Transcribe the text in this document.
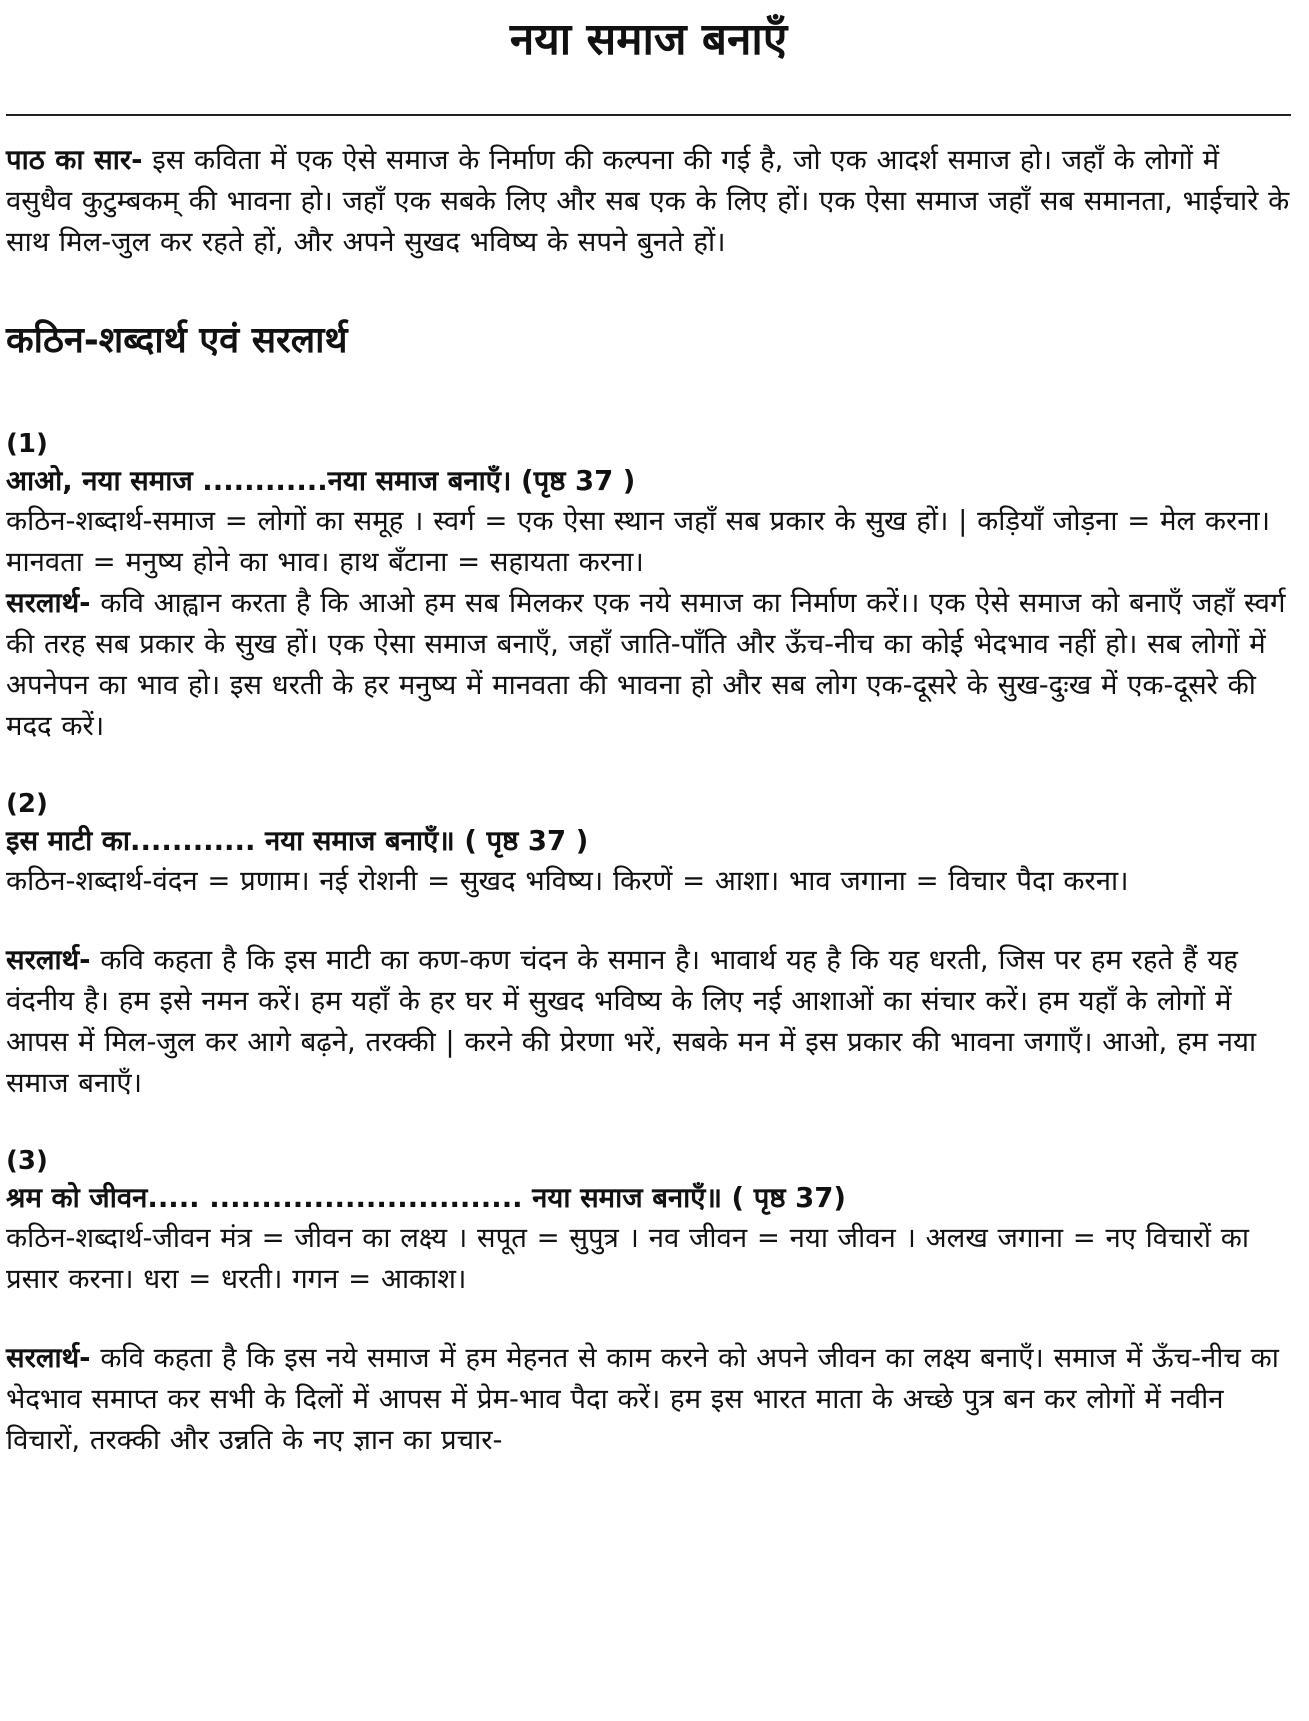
नया समाज बनाएँ

पाठ का सार- इस कविता में एक ऐसे समाज के निर्माण की कल्पना की गई है, जो एक आदर्श समाज हो। जहाँ के लोगों में वसुधैव कुटुम्बकम् की भावना हो। जहाँ एक सबके लिए और सब एक के लिए हों। एक ऐसा समाज जहाँ सब समानता, भाईचारे के साथ मिल-जुल कर रहते हों, और अपने सुखद भविष्य के सपने बुनते हों।

कठिन-शब्दार्थ एवं सरलार्थ

(1)

आओ, नया समाज ............नया समाज बनाएँ। (पृष्ठ 37 )

कठिन-शब्दार्थ-समाज = लोगों का समूह । स्वर्ग = एक ऐसा स्थान जहाँ सब प्रकार के सुख हों। | कड़ियाँ जोड़ना = मेल करना। मानवता = मनुष्य होने का भाव। हाथ बँटाना = सहायता करना।

सरलार्थ- कवि आह्वान करता है कि आओ हम सब मिलकर एक नये समाज का निर्माण करें।। एक ऐसे समाज को बनाएँ जहाँ स्वर्ग की तरह सब प्रकार के सुख हों। एक ऐसा समाज बनाएँ, जहाँ जाति-पाँति और ऊँच-नीच का कोई भेदभाव नहीं हो। सब लोगों में अपनेपन का भाव हो। इस धरती के हर मनुष्य में मानवता की भावना हो और सब लोग एक-दूसरे के सुख-दुःख में एक-दूसरे की मदद करें।

(2)

इस माटी का............ नया समाज बनाएँ॥ ( पृष्ठ 37 )

कठिन-शब्दार्थ-वंदन = प्रणाम। नई रोशनी = सुखद भविष्य। किरणें = आशा। भाव जगाना = विचार पैदा करना।

सरलार्थ- कवि कहता है कि इस माटी का कण-कण चंदन के समान है। भावार्थ यह है कि यह धरती, जिस पर हम रहते हैं यह वंदनीय है। हम इसे नमन करें। हम यहाँ के हर घर में सुखद भविष्य के लिए नई आशाओं का संचार करें। हम यहाँ के लोगों में आपस में मिल-जुल कर आगे बढ़ने, तरक्की | करने की प्रेरणा भरें, सबके मन में इस प्रकार की भावना जगाएँ। आओ, हम नया समाज बनाएँ।

(3)

श्रम को जीवन..... .............................. नया समाज बनाएँ॥ ( पृष्ठ 37)

कठिन-शब्दार्थ-जीवन मंत्र = जीवन का लक्ष्य । सपूत = सुपुत्र । नव जीवन = नया जीवन । अलख जगाना = नए विचारों का प्रसार करना। धरा = धरती। गगन = आकाश।

सरलार्थ- कवि कहता है कि इस नये समाज में हम मेहनत से काम करने को अपने जीवन का लक्ष्य बनाएँ। समाज में ऊँच-नीच का भेदभाव समाप्त कर सभी के दिलों में आपस में प्रेम-भाव पैदा करें। हम इस भारत माता के अच्छे पुत्र बन कर लोगों में नवीन विचारों, तरक्की और उन्नति के नए ज्ञान का प्रचार-
